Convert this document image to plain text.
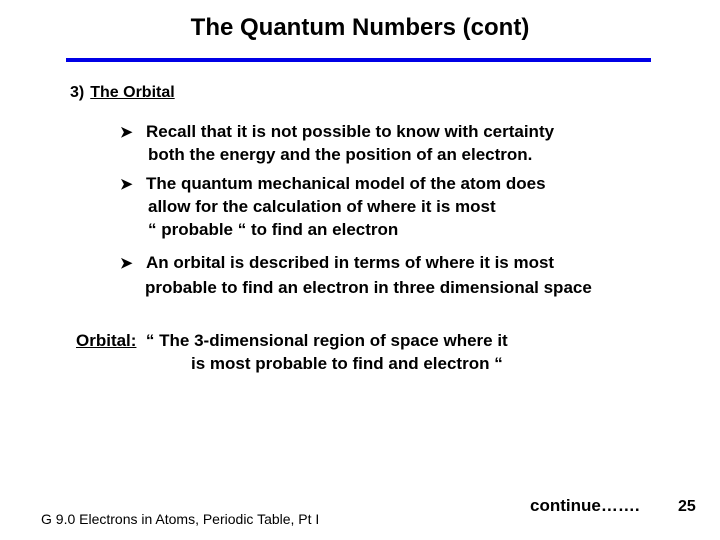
The Quantum Numbers (cont)
3) The Orbital
➤ Recall that it is not possible to know with certainty
both the energy and the position of an electron.
➤ The quantum mechanical model of the atom does
allow for the calculation of where it is most
“ probable “ to find an electron
➤ An orbital is described in terms of where it is most
probable to find an electron in three dimensional space
Orbital: “ The 3-dimensional region of space where it
is most probable to find and electron “
continue……. 25
G 9.0 Electrons in Atoms, Periodic Table, Pt I
